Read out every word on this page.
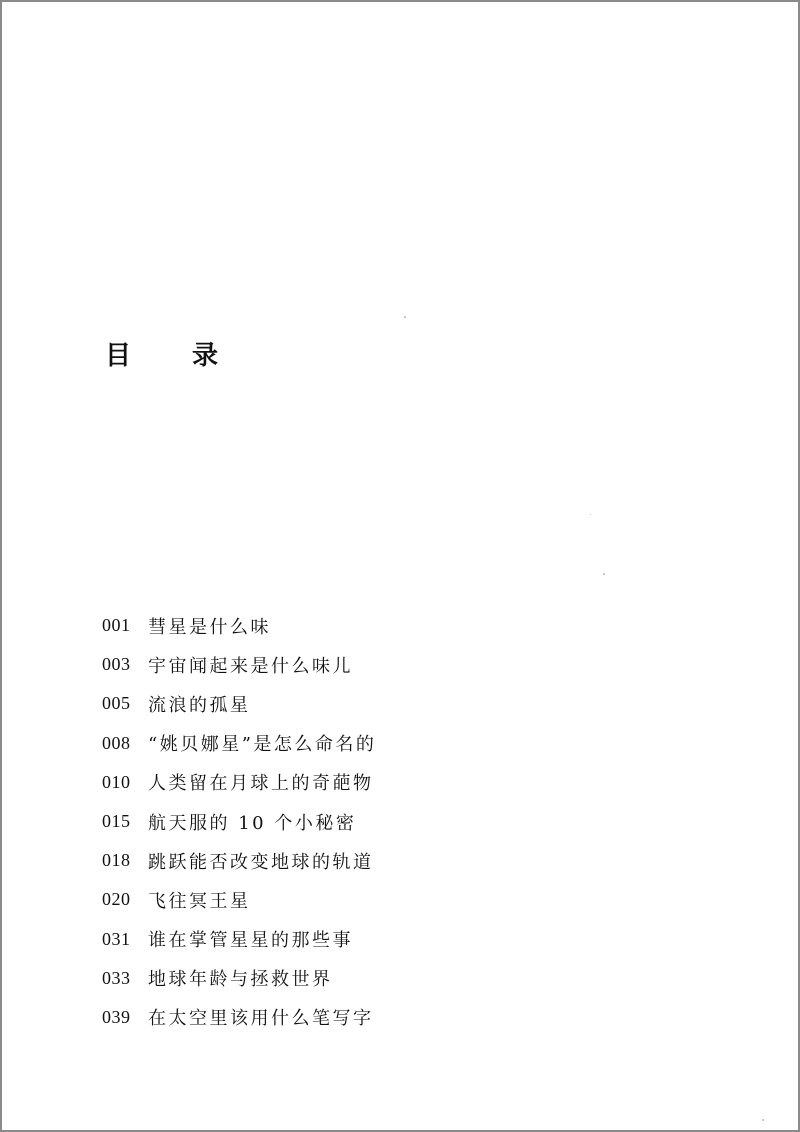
目 录
001 彗星是什么味
003 宇宙闻起来是什么味儿
005 流浪的孤星
008 “姚贝娜星”是怎么命名的
010 人类留在月球上的奇葩物
015 航天服的 10 个小秘密
018 跳跃能否改变地球的轨道
020 飞往冥王星
031 谁在掌管星星的那些事
033 地球年龄与拯救世界
039 在太空里该用什么笔写字
